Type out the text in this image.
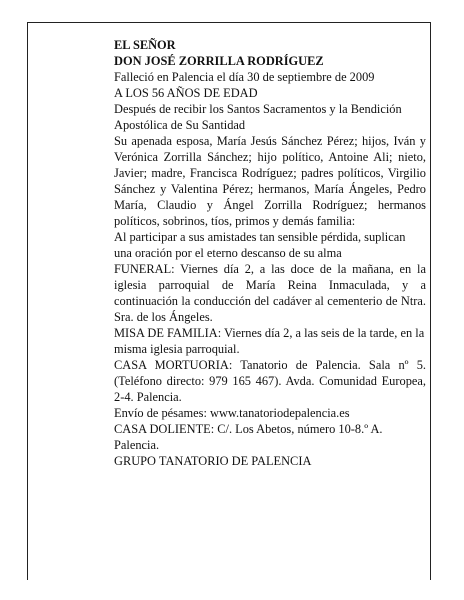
EL SEÑOR

DON JOSÉ ZORRILLA RODRÍGUEZ

Falleció en Palencia el día 30 de septiembre de 2009

A LOS 56 AÑOS DE EDAD

Después de recibir los Santos Sacramentos y la Bendición Apostólica de Su Santidad

Su apenada esposa, María Jesús Sánchez Pérez; hijos, Iván y Verónica Zorrilla Sánchez; hijo político, Antoine Ali; nieto, Javier; madre, Francisca Rodríguez; padres políticos, Virgilio Sánchez y Valentina Pérez; hermanos, María Ángeles, Pedro María, Claudio y Ángel Zorrilla Rodríguez; hermanos políticos, sobrinos, tíos, primos y demás familia:

Al participar a sus amistades tan sensible pérdida, suplican una oración por el eterno descanso de su alma

FUNERAL: Viernes día 2, a las doce de la mañana, en la iglesia parroquial de María Reina Inmaculada, y a continuación la conducción del cadáver al cementerio de Ntra. Sra. de los Ángeles.

MISA DE FAMILIA: Viernes día 2, a las seis de la tarde, en la misma iglesia parroquial.

CASA MORTUORIA: Tanatorio de Palencia. Sala nº 5. (Teléfono directo: 979 165 467). Avda. Comunidad Europea, 2-4. Palencia.

Envío de pésames: www.tanatoriodepalencia.es

CASA DOLIENTE: C/. Los Abetos, número 10-8.º A. Palencia.

GRUPO TANATORIO DE PALENCIA
